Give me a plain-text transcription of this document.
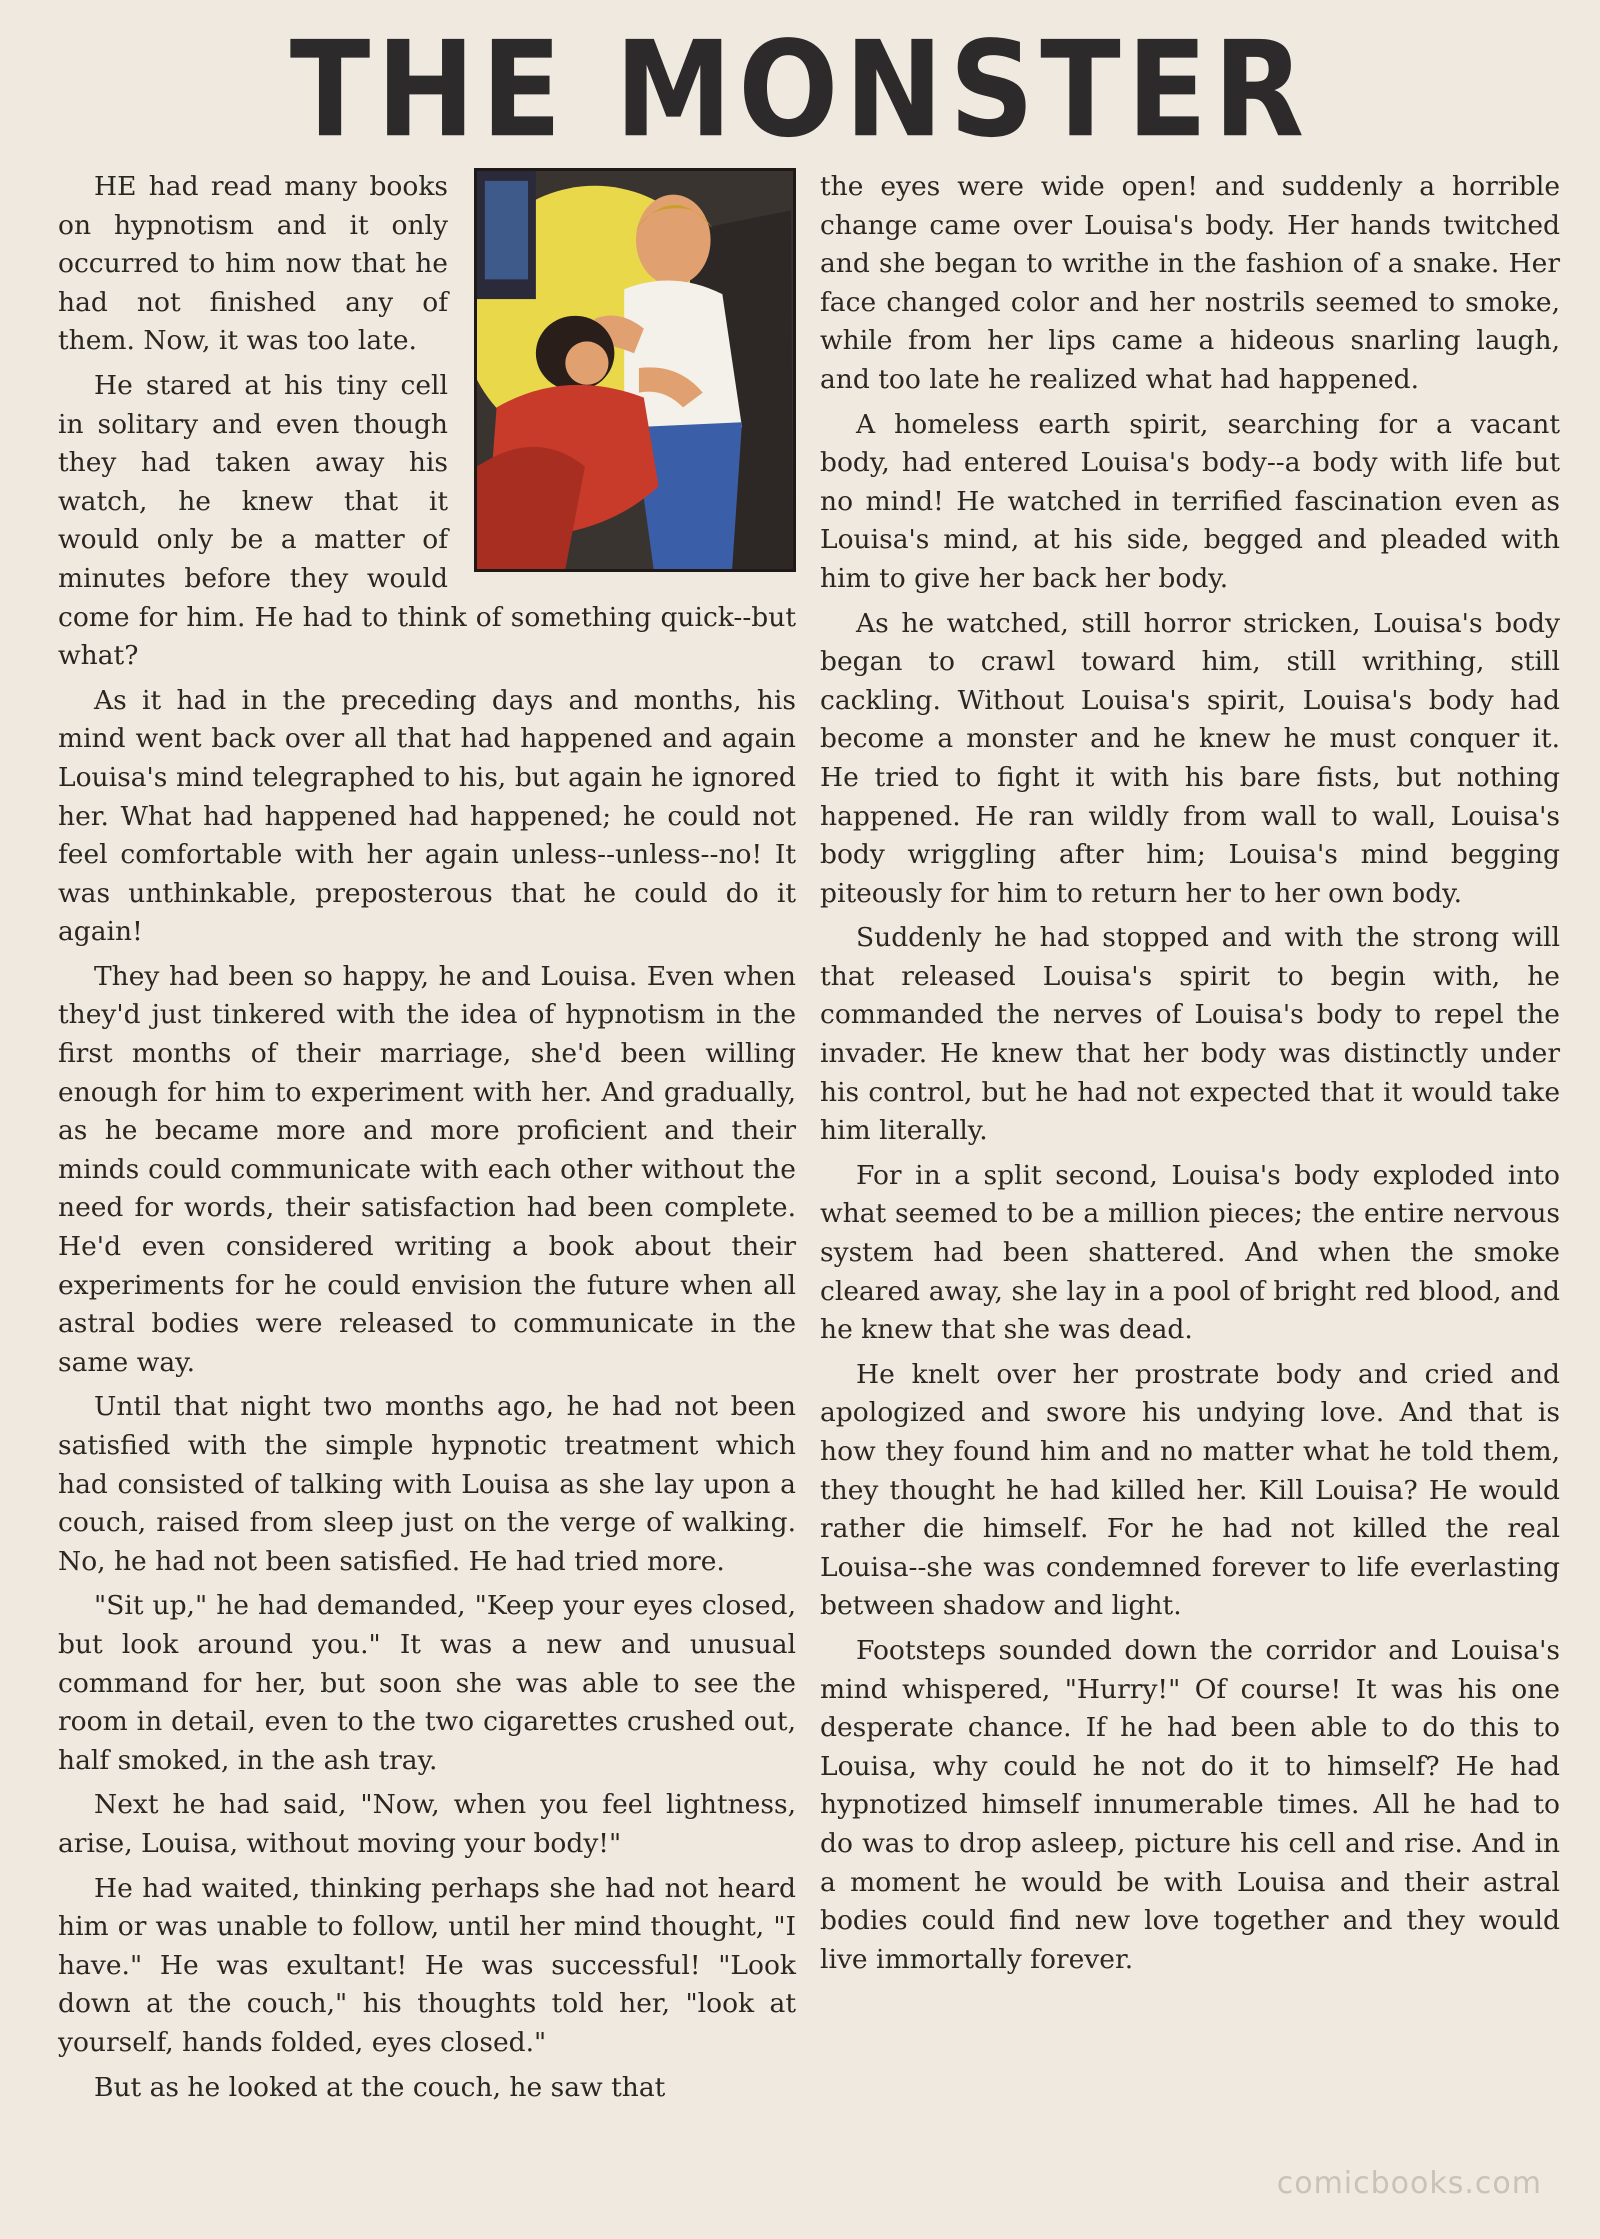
THE MONSTER

HE had read many books on hypnotism and it only occurred to him now that he had not finished any of them. Now, it was too late.

He stared at his tiny cell in solitary and even though they had taken away his watch, he knew that it would only be a matter of minutes before they would come for him. He had to think of something quick--but what?

As it had in the preceding days and months, his mind went back over all that had happened and again Louisa's mind telegraphed to his, but again he ignored her. What had happened had happened; he could not feel comfortable with her again unless--unless--no! It was unthinkable, preposterous that he could do it again!

They had been so happy, he and Louisa. Even when they'd just tinkered with the idea of hypnotism in the first months of their marriage, she'd been willing enough for him to experiment with her. And gradually, as he became more and more proficient and their minds could communicate with each other without the need for words, their satisfaction had been complete. He'd even considered writing a book about their experiments for he could envision the future when all astral bodies were released to communicate in the same way.

Until that night two months ago, he had not been satisfied with the simple hypnotic treatment which had consisted of talking with Louisa as she lay upon a couch, raised from sleep just on the verge of walking. No, he had not been satisfied. He had tried more.

"Sit up," he had demanded, "Keep your eyes closed, but look around you." It was a new and unusual command for her, but soon she was able to see the room in detail, even to the two cigarettes crushed out, half smoked, in the ash tray.

Next he had said, "Now, when you feel lightness, arise, Louisa, without moving your body!"

He had waited, thinking perhaps she had not heard him or was unable to follow, until her mind thought, "I have." He was exultant! He was successful! "Look down at the couch," his thoughts told her, "look at yourself, hands folded, eyes closed."

But as he looked at the couch, he saw that

the eyes were wide open! and suddenly a horrible change came over Louisa's body. Her hands twitched and she began to writhe in the fashion of a snake. Her face changed color and her nostrils seemed to smoke, while from her lips came a hideous snarling laugh, and too late he realized what had happened.

A homeless earth spirit, searching for a vacant body, had entered Louisa's body--a body with life but no mind! He watched in terrified fascination even as Louisa's mind, at his side, begged and pleaded with him to give her back her body.

As he watched, still horror stricken, Louisa's body began to crawl toward him, still writhing, still cackling. Without Louisa's spirit, Louisa's body had become a monster and he knew he must conquer it. He tried to fight it with his bare fists, but nothing happened. He ran wildly from wall to wall, Louisa's body wriggling after him; Louisa's mind begging piteously for him to return her to her own body.

Suddenly he had stopped and with the strong will that released Louisa's spirit to begin with, he commanded the nerves of Louisa's body to repel the invader. He knew that her body was distinctly under his control, but he had not expected that it would take him literally.

For in a split second, Louisa's body exploded into what seemed to be a million pieces; the entire nervous system had been shattered. And when the smoke cleared away, she lay in a pool of bright red blood, and he knew that she was dead.

He knelt over her prostrate body and cried and apologized and swore his undying love. And that is how they found him and no matter what he told them, they thought he had killed her. Kill Louisa? He would rather die himself. For he had not killed the real Louisa--she was condemned forever to life everlasting between shadow and light.

Footsteps sounded down the corridor and Louisa's mind whispered, "Hurry!" Of course! It was his one desperate chance. If he had been able to do this to Louisa, why could he not do it to himself? He had hypnotized himself innumerable times. All he had to do was to drop asleep, picture his cell and rise. And in a moment he would be with Louisa and their astral bodies could find new love together and they would live immortally forever.

comicbooks.com
